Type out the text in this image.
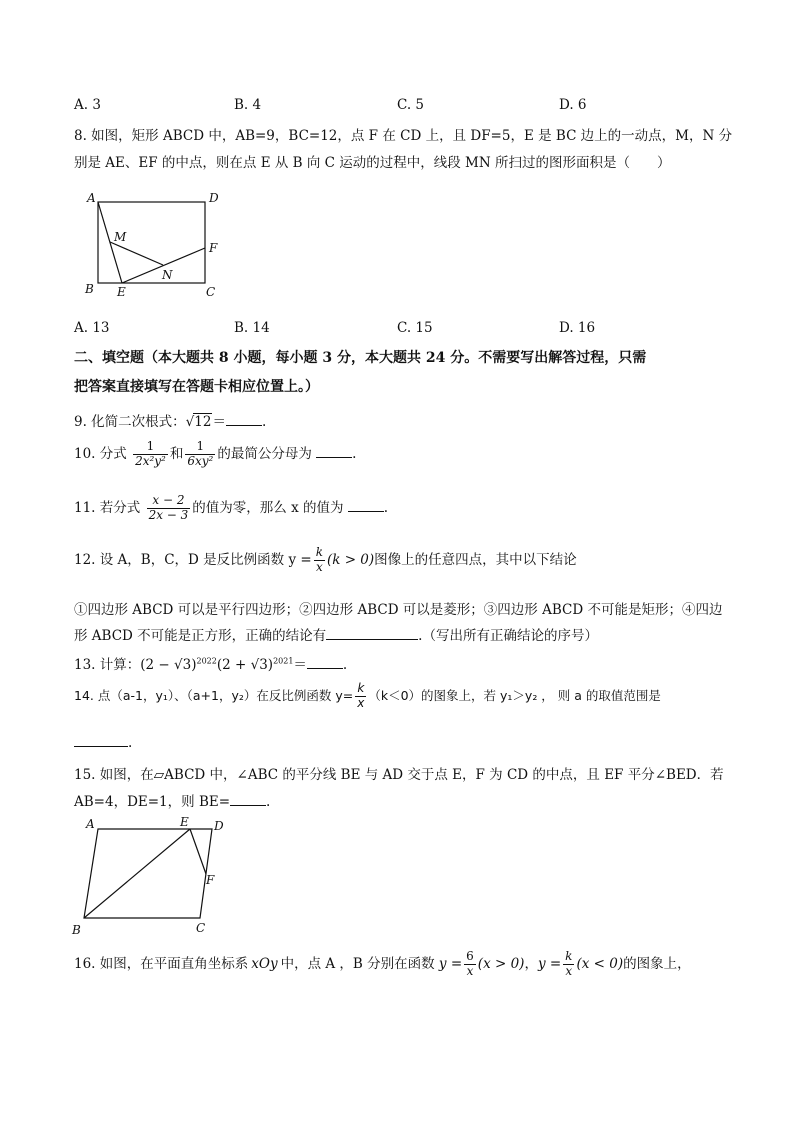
A. 3	B. 4	C. 5	D. 6
8. 如图，矩形 ABCD 中，AB=9，BC=12，点 F 在 CD 上，且 DF=5，E 是 BC 边上的一动点，M，N 分
别是 AE、EF 的中点，则在点 E 从 B 向 C 运动的过程中，线段 MN 所扫过的图形面积是（　　）
A	D
M
F
N
B E	C
A. 13	B. 14	C. 15	D. 16
二、填空题（本大题共 8 小题，每小题 3 分，本大题共 24 分。不需要写出解答过程，只需
把答案直接填写在答题卡相应位置上。）
9. 化简二次根式：√12＝	.
10. 分式 $\frac{1}{\text{2x²y²}}$ 和 $\frac{1}{\text{6xy²}}$ 的最简公分母为	.
11. 若分式 $\frac{x - 2}{2x - 3}$ 的值为零，那么 x 的值为	.
12. 设 A，B，C，D 是反比例函数 $y = \frac{k}{x} (k > 0)$图像上的任意四点，其中以下结论
①四边形 ABCD 可以是平行四边形；②四边形 ABCD 可以是菱形；③四边形 ABCD 不可能是矩形；④四边
形 ABCD 不可能是正方形，正确的结论有	.（写出所有正确结论的序号）
13. 计算：$(2 - √3)^{2022}(2 + √3)^{2021}=$	.
14. 点（a-1，y₁）、（a+1，y₂）在反比例函数 $y= \frac{k}{x} (k<0)$的图象上，若 y₁＞y₂ ， 则 a 的取值范围是
.
15. 如图，在▱ABCD 中，∠ABC 的平分线 BE 与 AD 交于点 E，F 为 CD 的中点，且 EF 平分∠BED．若
AB=4，DE=1，则 BE=	.
A	E D
F
B	C
16. 如图，在平面直角坐标系 xOy 中，点 A ，B 分别在函数 $y = \frac{6}{x} (x > 0)$，$y = \frac{k}{x} (x < 0)$的图象上，
